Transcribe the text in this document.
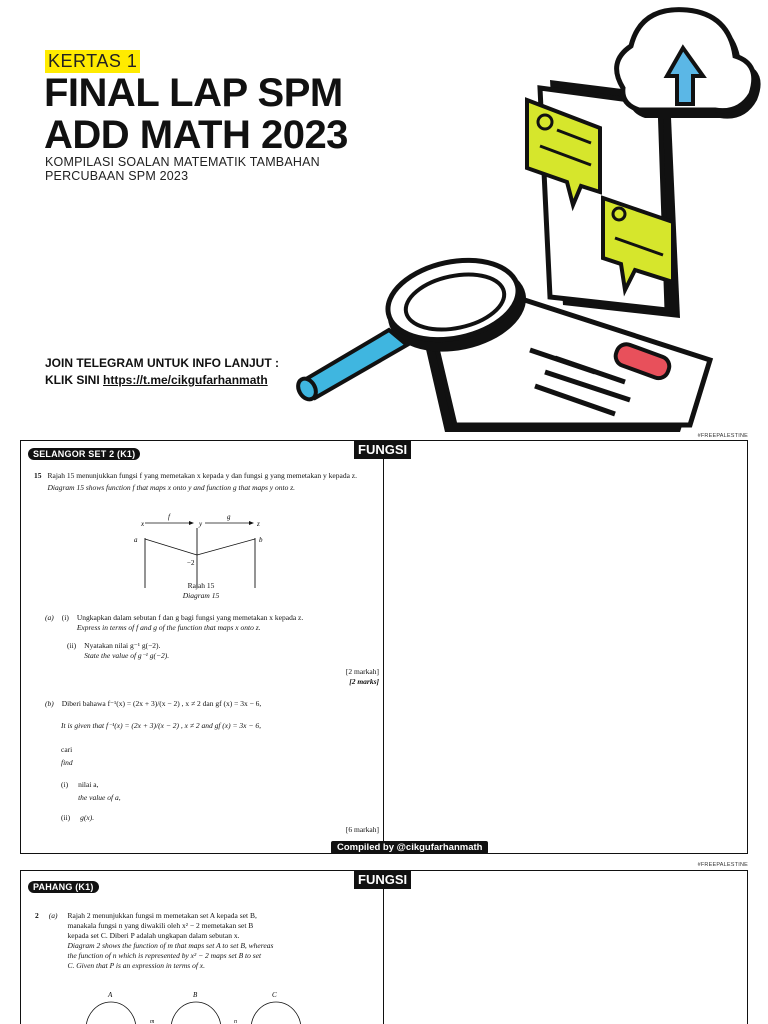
KERTAS 1
FINAL LAP SPM
ADD MATH 2023
KOMPILASI SOALAN MATEMATIK TAMBAHAN
PERCUBAAN SPM 2023
JOIN TELEGRAM UNTUK INFO LANJUT :
KLIK SINI https://t.me/cikgufarhanmath
#FREEPALESTINE
SELANGOR SET 2 (K1)	FUNGSI
15 Rajah 15 menunjukkan fungsi f yang memetakan x kepada y dan fungsi g yang memetakan y kepada z.
Diagram 15 shows function f that maps x onto y and function g that maps y onto z.
x	y	z
f	g
a	b
−2
Rajah 15
Diagram 15
(a) (i) Ungkapkan dalam sebutan f dan g bagi fungsi yang memetakan x kepada z.
Express in terms of f and g of the function that maps x onto z.
(ii) Nyatakan nilai g⁻¹ g(−2).
State the value of g⁻¹ g(−2).
[2 markah]
[2 marks]
(b) Diberi bahawa f⁻¹(x) = (2x + 3)/(x − 2) , x ≠ 2 dan gf (x) = 3x − 6,
It is given that f⁻¹(x) = (2x + 3)/(x − 2) , x ≠ 2 and gf (x) = 3x − 6,
cari
find
(i) nilai a,
the value of a,
(ii) g(x).
[6 markah]
Compiled by @cikgufarhanmath
#FREEPALESTINE
PAHANG (K1)	FUNGSI
2 (a) Rajah 2 menunjukkan fungsi m memetakan set A kepada set B,
manakala fungsi n yang diwakili oleh x² − 2 memetakan set B
kepada set C. Diberi P adalah ungkapan dalam sebutan x.
Diagram 2 shows the function of m that maps set A to set B, whereas
the function of n which is represented by x² − 2 maps set B to set
C. Given that P is an expression in terms of x.
A	B	C
m	n
